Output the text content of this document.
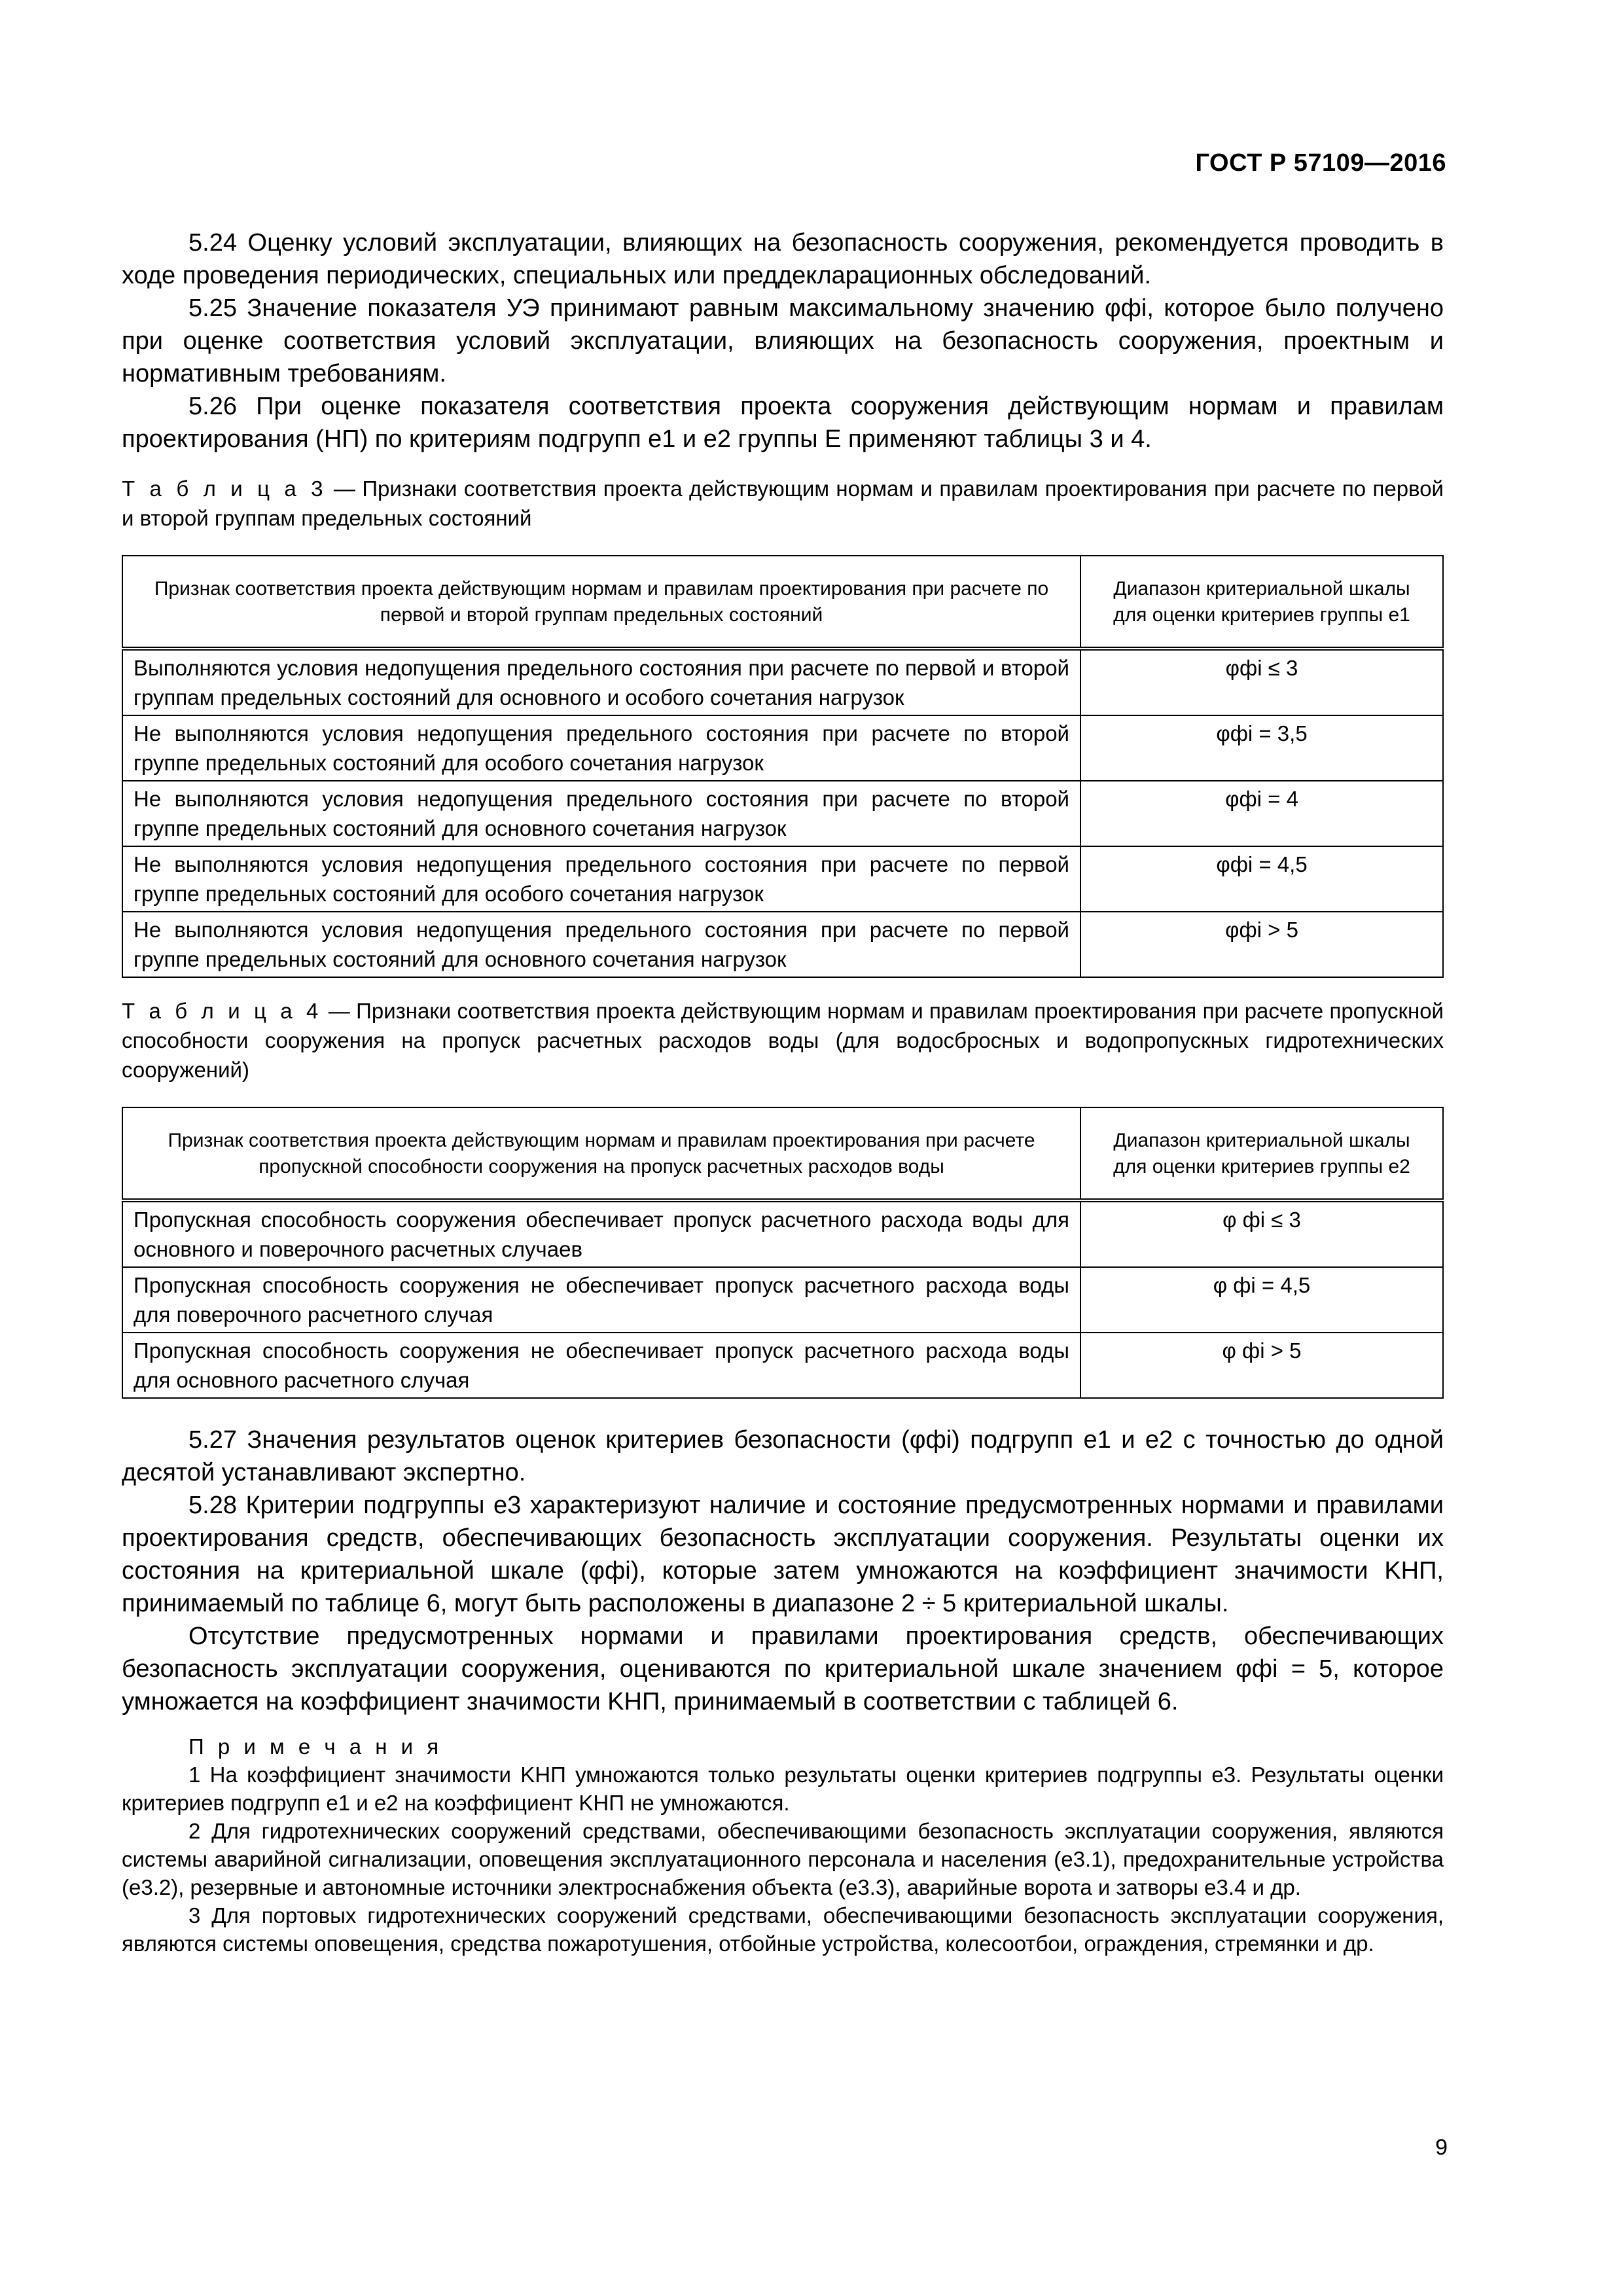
ГОСТ Р 57109—2016

5.24 Оценку условий эксплуатации, влияющих на безопасность сооружения, рекомендуется проводить в ходе проведения периодических, специальных или преддекларационных обследований.

5.25 Значение показателя УЭ принимают равным максимальному значению φфi, которое было получено при оценке соответствия условий эксплуатации, влияющих на безопасность сооружения, проектным и нормативным требованиям.

5.26 При оценке показателя соответствия проекта сооружения действующим нормам и правилам проектирования (НП) по критериям подгрупп е1 и е2 группы Е применяют таблицы 3 и 4.

Т а б л и ц а 3 — Признаки соответствия проекта действующим нормам и правилам проектирования при расчете по первой и второй группам предельных состояний

Признак соответствия проекта действующим нормам и правилам проектирования при расчете по первой и второй группам предельных состояний	Диапазон критериальной шкалы для оценки критериев группы е1
Выполняются условия недопущения предельного состояния при расчете по первой и второй группам предельных состояний для основного и особого сочетания нагрузок	φфi ≤ 3
Не выполняются условия недопущения предельного состояния при расчете по второй группе предельных состояний для особого сочетания нагрузок	φфi = 3,5
Не выполняются условия недопущения предельного состояния при расчете по второй группе предельных состояний для основного сочетания нагрузок	φфi = 4
Не выполняются условия недопущения предельного состояния при расчете по первой группе предельных состояний для особого сочетания нагрузок	φфi = 4,5
Не выполняются условия недопущения предельного состояния при расчете по первой группе предельных состояний для основного сочетания нагрузок	φфi > 5

Т а б л и ц а 4 — Признаки соответствия проекта действующим нормам и правилам проектирования при расчете пропускной способности сооружения на пропуск расчетных расходов воды (для водосбросных и водопропускных гидротехнических сооружений)

Признак соответствия проекта действующим нормам и правилам проектирования при расчете пропускной способности сооружения на пропуск расчетных расходов воды	Диапазон критериальной шкалы для оценки критериев группы е2
Пропускная способность сооружения обеспечивает пропуск расчетного расхода воды для основного и поверочного расчетных случаев	φ фi ≤ 3
Пропускная способность сооружения не обеспечивает пропуск расчетного расхода воды для поверочного расчетного случая	φ фi = 4,5
Пропускная способность сооружения не обеспечивает пропуск расчетного расхода воды для основного расчетного случая	φ фi > 5

5.27 Значения результатов оценок критериев безопасности (φфi) подгрупп е1 и е2 с точностью до одной десятой устанавливают экспертно.

5.28 Критерии подгруппы е3 характеризуют наличие и состояние предусмотренных нормами и правилами проектирования средств, обеспечивающих безопасность эксплуатации сооружения. Результаты оценки их состояния на критериальной шкале (φфi), которые затем умножаются на коэффициент значимости KНП, принимаемый по таблице 6, могут быть расположены в диапазоне 2 ÷ 5 критериальной шкалы.

Отсутствие предусмотренных нормами и правилами проектирования средств, обеспечивающих безопасность эксплуатации сооружения, оцениваются по критериальной шкале значением φфi = 5, которое умножается на коэффициент значимости KНП, принимаемый в соответствии с таблицей 6.

П р и м е ч а н и я

1 На коэффициент значимости KНП умножаются только результаты оценки критериев подгруппы е3. Результаты оценки критериев подгрупп е1 и е2 на коэффициент KНП не умножаются.

2 Для гидротехнических сооружений средствами, обеспечивающими безопасность эксплуатации сооружения, являются системы аварийной сигнализации, оповещения эксплуатационного персонала и населения (е3.1), предохранительные устройства (е3.2), резервные и автономные источники электроснабжения объекта (е3.3), аварийные ворота и затворы е3.4 и др.

3 Для портовых гидротехнических сооружений средствами, обеспечивающими безопасность эксплуатации сооружения, являются системы оповещения, средства пожаротушения, отбойные устройства, колесоотбои, ограждения, стремянки и др.

9
